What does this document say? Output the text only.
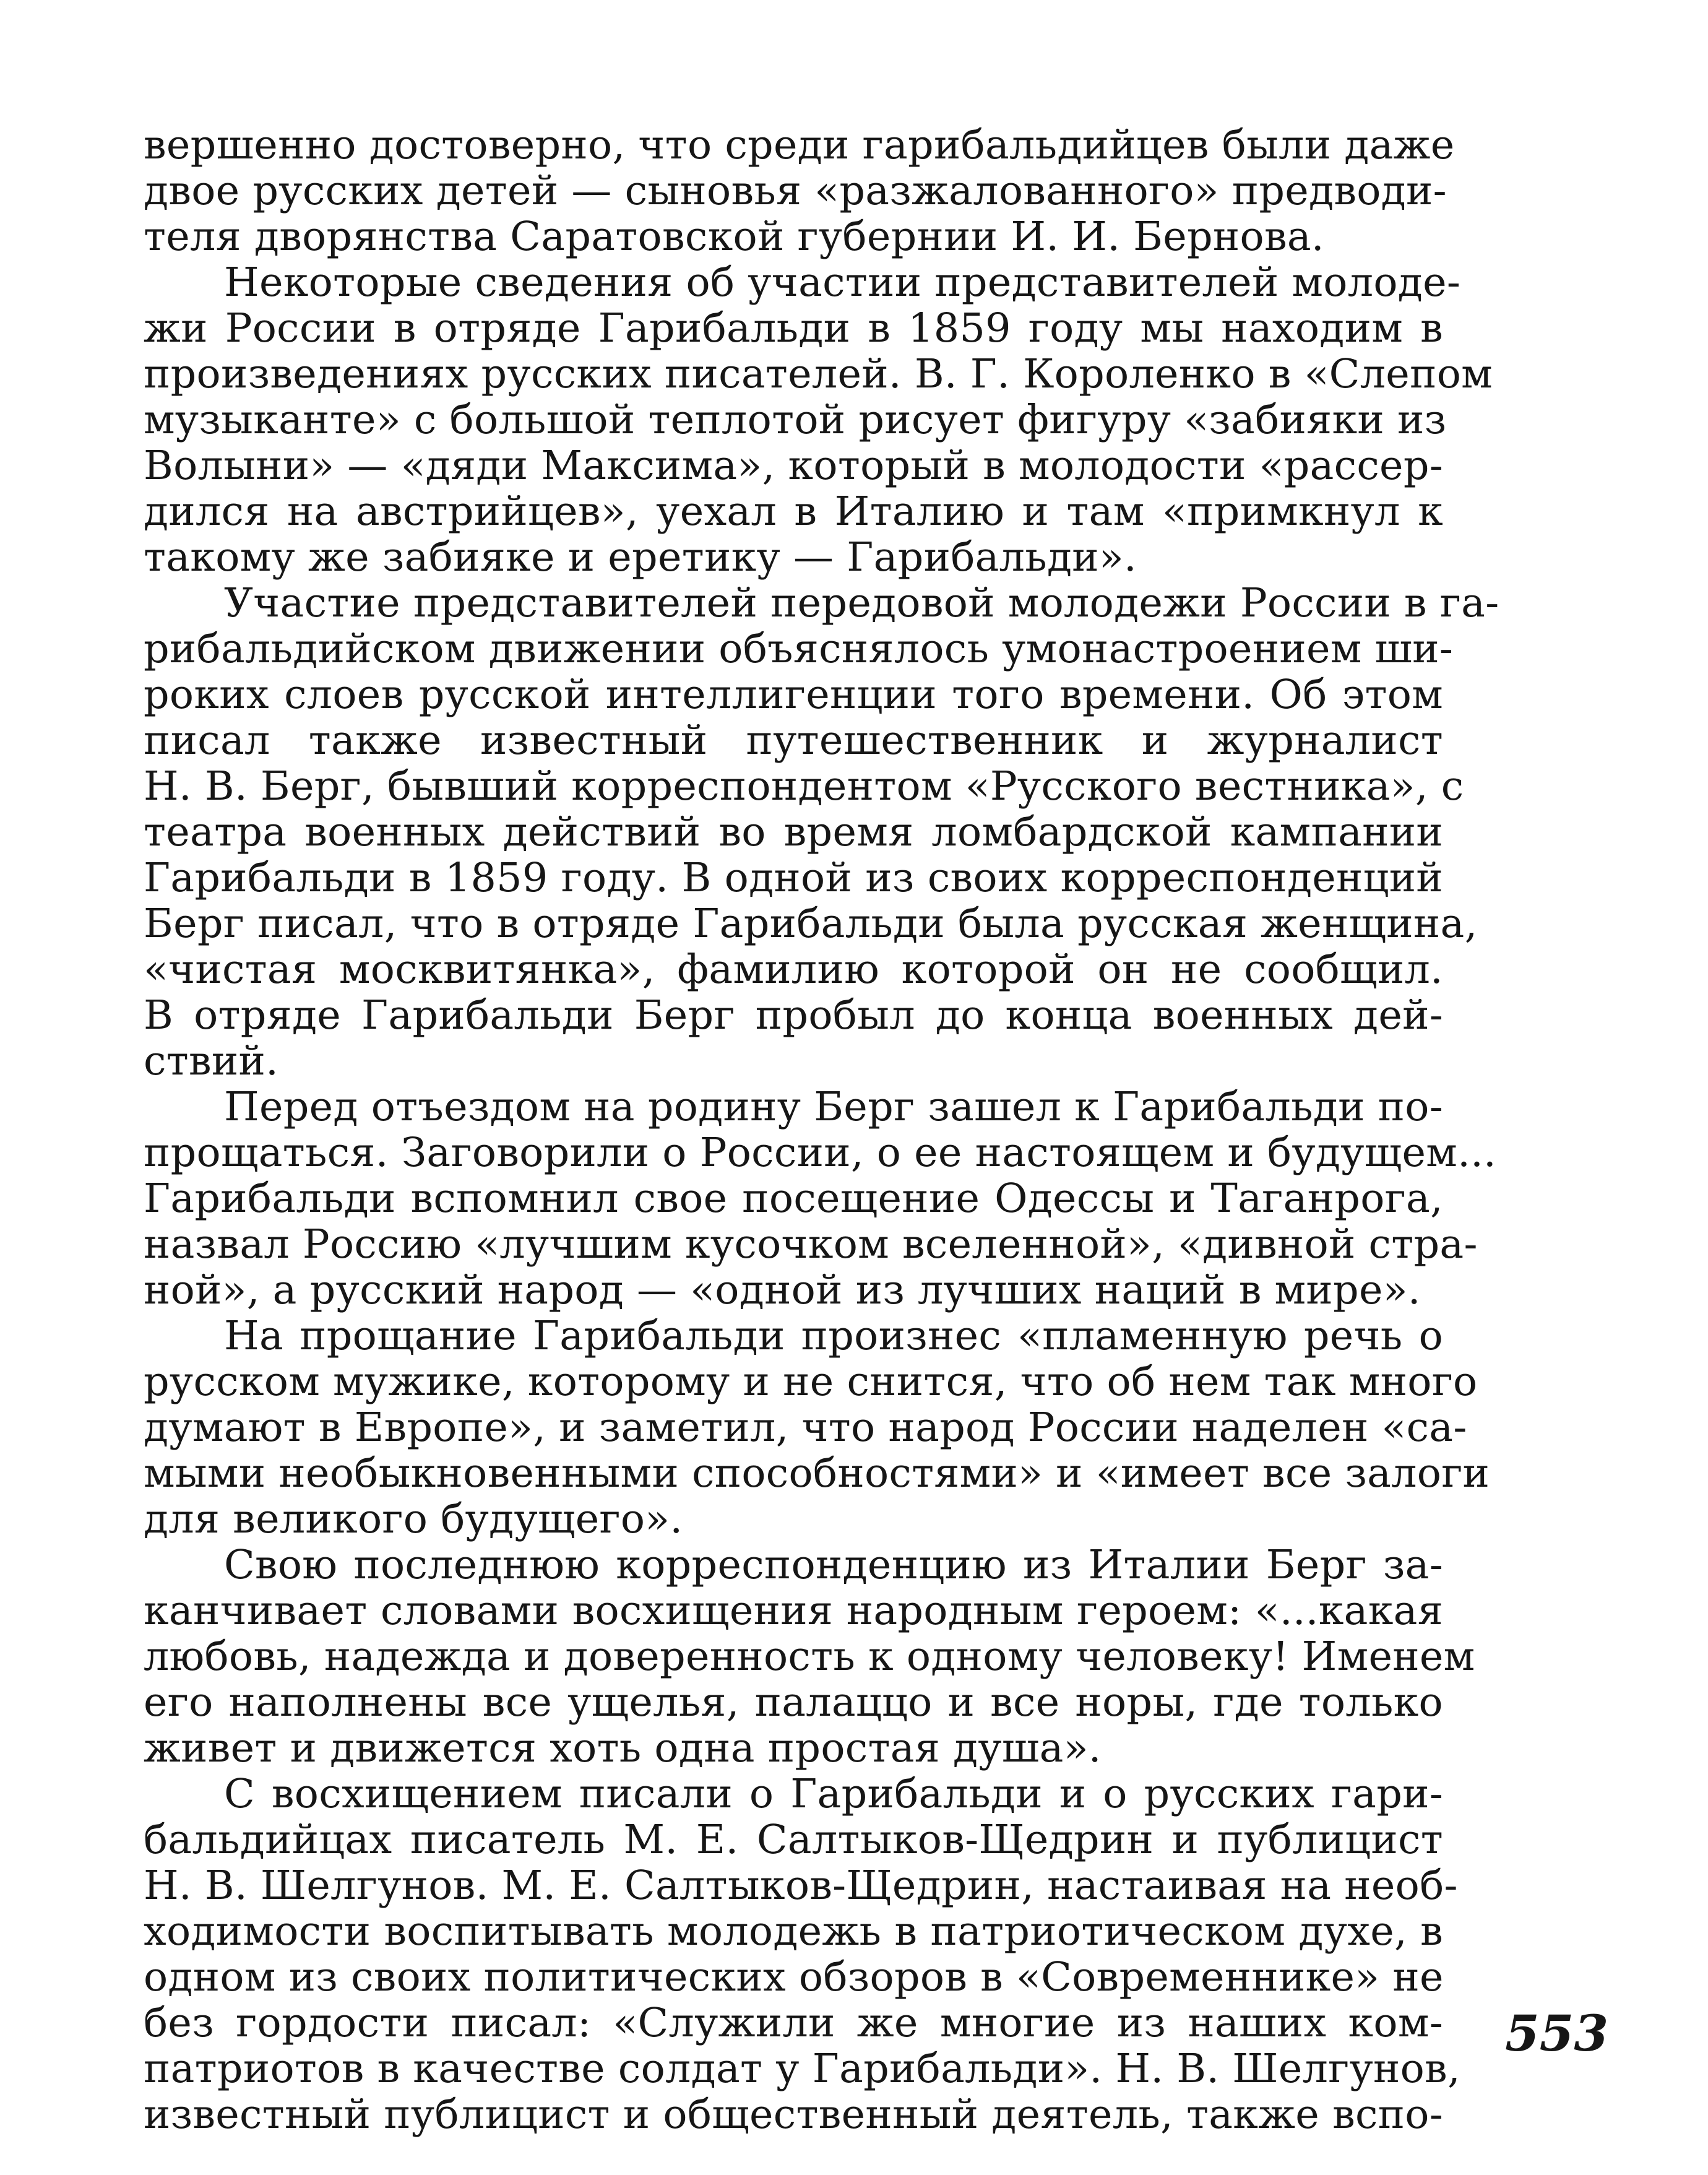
вершенно достоверно, что среди гарибальдийцев были даже
двое русских детей — сыновья «разжалованного» предводи-
теля дворянства Саратовской губернии И. И. Бернова.
Некоторые сведения об участии представителей молоде-
жи России в отряде Гарибальди в 1859 году мы находим в
произведениях русских писателей. В. Г. Короленко в «Слепом
музыканте» с большой теплотой рисует фигуру «забияки из
Волыни» — «дяди Максима», который в молодости «рассер-
дился на австрийцев», уехал в Италию и там «примкнул к
такому же забияке и еретику — Гарибальди».
Участие представителей передовой молодежи России в га-
рибальдийском движении объяснялось умонастроением ши-
роких слоев русской интеллигенции того времени. Об этом
писал также известный путешественник и журналист
Н. В. Берг, бывший корреспондентом «Русского вестника», с
театра военных действий во время ломбардской кампании
Гарибальди в 1859 году. В одной из своих корреспонденций
Берг писал, что в отряде Гарибальди была русская женщина,
«чистая москвитянка», фамилию которой он не сообщил.
В отряде Гарибальди Берг пробыл до конца военных дей-
ствий.
Перед отъездом на родину Берг зашел к Гарибальди по-
прощаться. Заговорили о России, о ее настоящем и будущем...
Гарибальди вспомнил свое посещение Одессы и Таганрога,
назвал Россию «лучшим кусочком вселенной», «дивной стра-
ной», а русский народ — «одной из лучших наций в мире».
На прощание Гарибальди произнес «пламенную речь о
русском мужике, которому и не снится, что об нем так много
думают в Европе», и заметил, что народ России наделен «са-
мыми необыкновенными способностями» и «имеет все залоги
для великого будущего».
Свою последнюю корреспонденцию из Италии Берг за-
канчивает словами восхищения народным героем: «...какая
любовь, надежда и доверенность к одному человеку! Именем
его наполнены все ущелья, палаццо и все норы, где только
живет и движется хоть одна простая душа».
С восхищением писали о Гарибальди и о русских гари-
бальдийцах писатель М. Е. Салтыков-Щедрин и публицист
Н. В. Шелгунов. М. Е. Салтыков-Щедрин, настаивая на необ-
ходимости воспитывать молодежь в патриотическом духе, в
одном из своих политических обзоров в «Современнике» не
без гордости писал: «Служили же многие из наших ком-
патриотов в качестве солдат у Гарибальди». Н. В. Шелгунов,
известный публицист и общественный деятель, также вспо-
553
